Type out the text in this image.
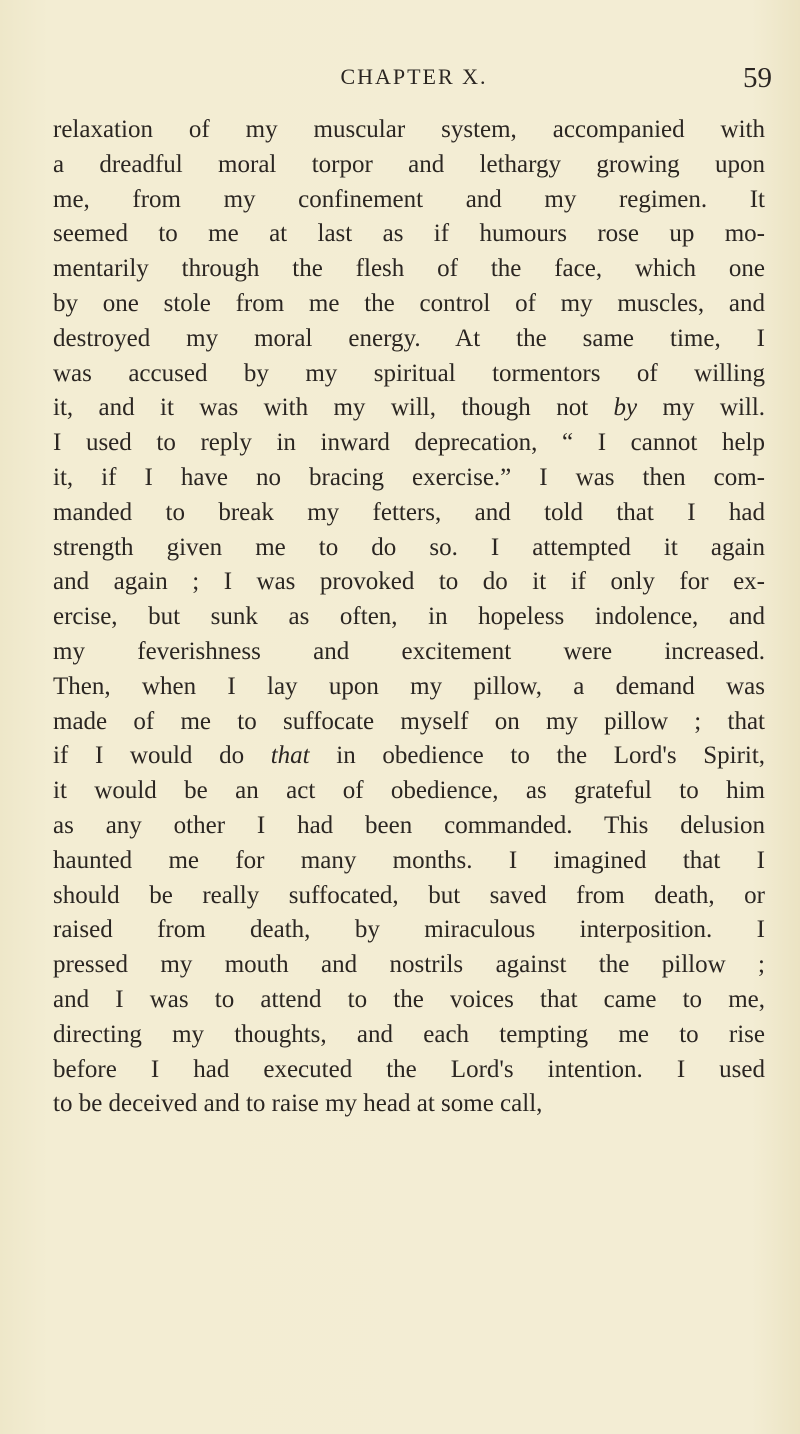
CHAPTER X.	59
relaxation of my muscular system, accompanied with
a dreadful moral torpor and lethargy growing upon
me, from my confinement and my regimen. It
seemed to me at last as if humours rose up mo-
mentarily through the flesh of the face, which one
by one stole from me the control of my muscles, and
destroyed my moral energy. At the same time, I
was accused by my spiritual tormentors of willing
it, and it was with my will, though not by my will.
I used to reply in inward deprecation, “ I cannot help
it, if I have no bracing exercise.” I was then com-
manded to break my fetters, and told that I had
strength given me to do so. I attempted it again
and again ; I was provoked to do it if only for ex-
ercise, but sunk as often, in hopeless indolence, and
my feverishness and excitement were increased.
Then, when I lay upon my pillow, a demand was
made of me to suffocate myself on my pillow ; that
if I would do that in obedience to the Lord's Spirit,
it would be an act of obedience, as grateful to him
as any other I had been commanded. This delusion
haunted me for many months. I imagined that I
should be really suffocated, but saved from death, or
raised from death, by miraculous interposition. I
pressed my mouth and nostrils against the pillow ;
and I was to attend to the voices that came to me,
directing my thoughts, and each tempting me to rise
before I had executed the Lord's intention. I used
to be deceived and to raise my head at some call,
